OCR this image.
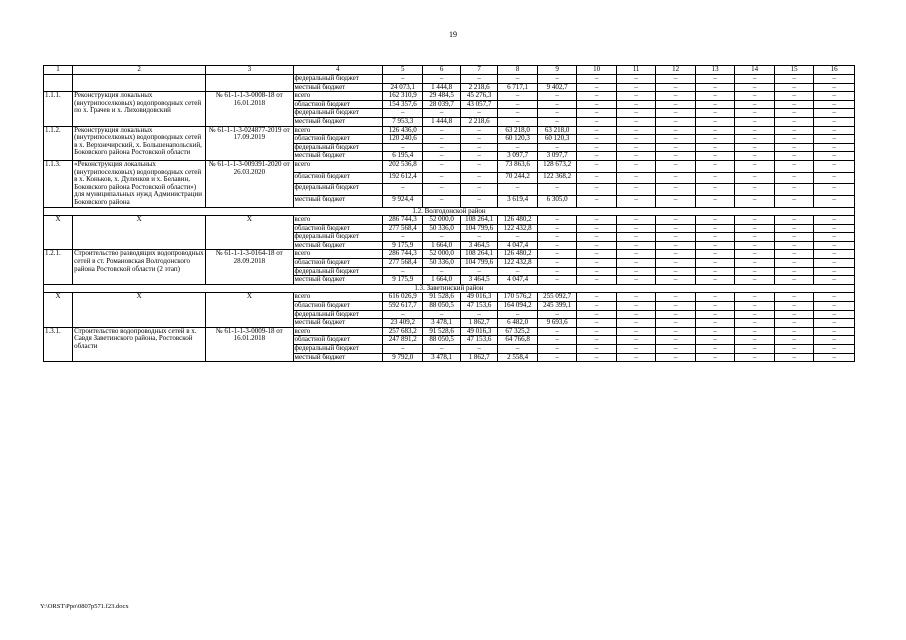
19
1	2	3	4	5	6	7	8	9	10	11	12	13	14	15	16
			федеральный бюджет	–	–	–	–	–	–	–	–	–	–	–	–
			местный бюджет	24 073,1	1 444,8	2 218,6	6 717,1	9 402,7	–	–	–	–	–	–	–
1.1.1.	Реконструкция локальных (внутрипоселковых) водопроводных сетей по х. Грачев и х. Лиховидовский	№ 61-1-1-3-0008-18 от 16.01.2018	всего	162 310,9	29 484,5	45 276,3	–	–	–	–	–	–	–	–	–
			областной бюджет	154 357,6	28 039,7	43 057,7	–	–	–	–	–	–	–	–	–
			федеральный бюджет	–	–	–	–	–	–	–	–	–	–	–	–
			местный бюджет	7 953,3	1 444,8	2 218,6	–	–	–	–	–	–	–	–	–
1.1.2.	Реконструкция локальных (внутрипоселковых) водопроводных сетей в х. Верхнечирский, х. Большенапольский, Боковского района Ростовской области	№ 61-1-1-3-024877-2019 от 17.09.2019	всего	126 436,0	–	–	63 218,0	63 218,0	–	–	–	–	–	–	–
			областной бюджет	120 240,6	–	–	60 120,3	60 120,3	–	–	–	–	–	–	–
			федеральный бюджет	–	–	–	–	–	–	–	–	–	–	–	–
			местный бюджет	6 195,4	–	–	3 097,7	3 097,7	–	–	–	–	–	–	–
1.1.3.	«Реконструкция локальных (внутрипоселковых) водопроводных сетей в х. Коньков, х. Дуленков и х. Белавин, Боковского района Ростовской области») для муниципальных нужд Администрации Боковского района	№ 61-1-1-3-009391-2020 от 26.03.2020	всего	202 536,8	–	–	73 863,6	128 673,2	–	–	–	–	–	–	–
			областной бюджет	192 612,4	–	–	70 244,2	122 368,2	–	–	–	–	–	–	–
			федеральный бюджет	–	–	–	–	–	–	–	–	–	–	–	–
			местный бюджет	9 924,4	–	–	3 619,4	6 305,0	–	–	–	–	–	–	–
1.2. Волгодонской район															
Х	Х	Х	всего	286 744,3	52 000,0	108 264,1	126 480,2	–	–	–	–	–	–	–	–
			областной бюджет	277 568,4	50 336,0	104 799,6	122 432,8	–	–	–	–	–	–	–	–
			федеральный бюджет	–	–	–	–	–	–	–	–	–	–	–	–
			местный бюджет	9 175,9	1 664,0	3 464,5	4 047,4	–	–	–	–	–	–	–	–
1.2.1.	Строительство разводящих водопроводных сетей в ст. Романовская Волгодонского района Ростовской области (2 этап)	№ 61-1-1-3-0164-18 от 28.09.2018	всего	286 744,3	52 000,0	108 264,1	126 480,2	–	–	–	–	–	–	–	–
			областной бюджет	277 568,4	50 336,0	104 799,6	122 432,8	–	–	–	–	–	–	–	–
			федеральный бюджет	–	–	–	–	–	–	–	–	–	–	–	–
			местный бюджет	9 175,9	1 664,0	3 464,5	4 047,4	–	–	–	–	–	–	–	–
1.3. Заветинский район															
Х	Х	Х	всего	616 026,9	91 528,6	49 016,3	170 576,2	255 092,7	–	–	–	–	–	–	–
			областной бюджет	592 617,7	88 050,5	47 153,6	164 094,2	245 399,1	–	–	–	–	–	–	–
			федеральный бюджет	–	–	–	–	–	–	–	–	–	–	–	–
			местный бюджет	23 409,2	3 478,1	1 862,7	6 482,0	9 693,6	–	–	–	–	–	–	–
1.3.1.	Строительство водопроводных сетей в х. Савдя Заветинского района, Ростовской области	№ 61-1-1-3-0009-18 от 16.01.2018	всего	257 683,2	91 528,6	49 016,3	67 325,2	–	–	–	–	–	–	–	–
			областной бюджет	247 891,2	88 050,5	47 153,6	64 766,8	–	–	–	–	–	–	–	–
			федеральный бюджет	–	–	–	–	–	–	–	–	–	–	–	–
			местный бюджет	9 792,0	3 478,1	1 862,7	2 558,4	–	–	–	–	–	–	–	–
Y:\ORST\Ppo\0807p571.f23.docx
